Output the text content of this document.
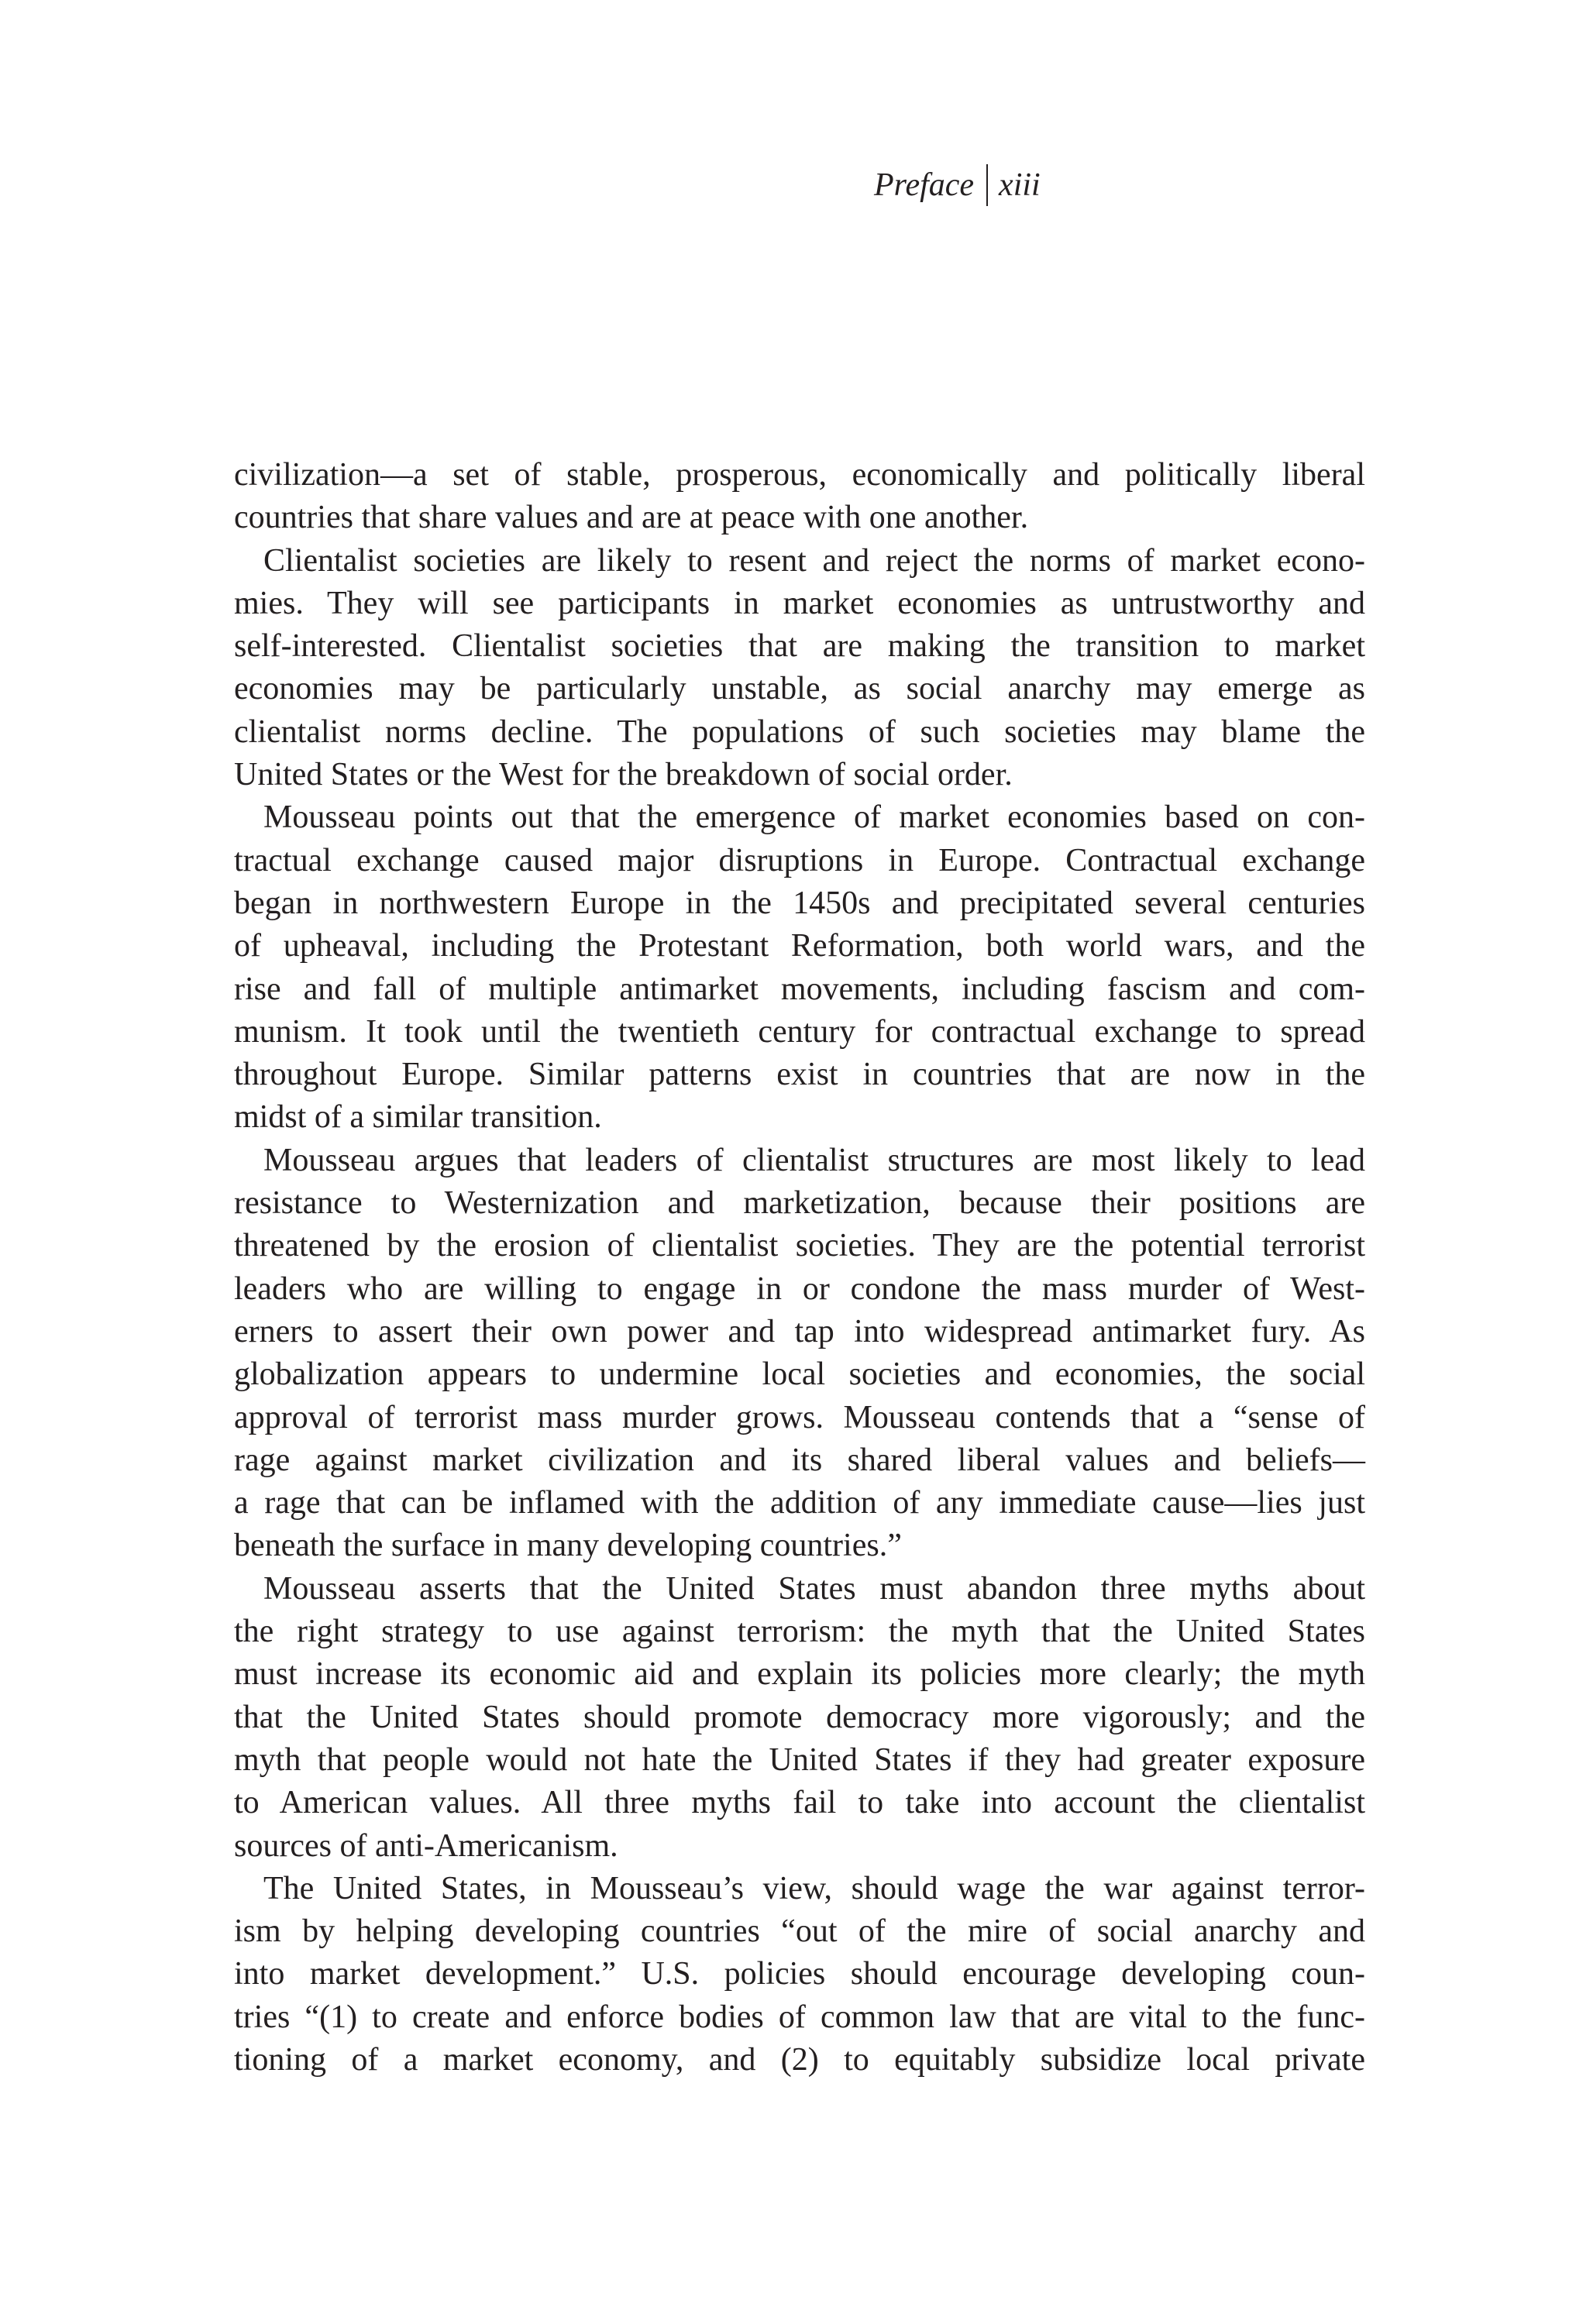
Preface xiii
civilization—a set of stable, prosperous, economically and politically liberal
countries that share values and are at peace with one another.
Clientalist societies are likely to resent and reject the norms of market econo-
mies. They will see participants in market economies as untrustworthy and
self-interested. Clientalist societies that are making the transition to market
economies may be particularly unstable, as social anarchy may emerge as
clientalist norms decline. The populations of such societies may blame the
United States or the West for the breakdown of social order.
Mousseau points out that the emergence of market economies based on con-
tractual exchange caused major disruptions in Europe. Contractual exchange
began in northwestern Europe in the 1450s and precipitated several centuries
of upheaval, including the Protestant Reformation, both world wars, and the
rise and fall of multiple antimarket movements, including fascism and com-
munism. It took until the twentieth century for contractual exchange to spread
throughout Europe. Similar patterns exist in countries that are now in the
midst of a similar transition.
Mousseau argues that leaders of clientalist structures are most likely to lead
resistance to Westernization and marketization, because their positions are
threatened by the erosion of clientalist societies. They are the potential terrorist
leaders who are willing to engage in or condone the mass murder of West-
erners to assert their own power and tap into widespread antimarket fury. As
globalization appears to undermine local societies and economies, the social
approval of terrorist mass murder grows. Mousseau contends that a “sense of
rage against market civilization and its shared liberal values and beliefs—
a rage that can be inflamed with the addition of any immediate cause—lies just
beneath the surface in many developing countries.”
Mousseau asserts that the United States must abandon three myths about
the right strategy to use against terrorism: the myth that the United States
must increase its economic aid and explain its policies more clearly; the myth
that the United States should promote democracy more vigorously; and the
myth that people would not hate the United States if they had greater exposure
to American values. All three myths fail to take into account the clientalist
sources of anti-Americanism.
The United States, in Mousseau’s view, should wage the war against terror-
ism by helping developing countries “out of the mire of social anarchy and
into market development.” U.S. policies should encourage developing coun-
tries “(1) to create and enforce bodies of common law that are vital to the func-
tioning of a market economy, and (2) to equitably subsidize local private
